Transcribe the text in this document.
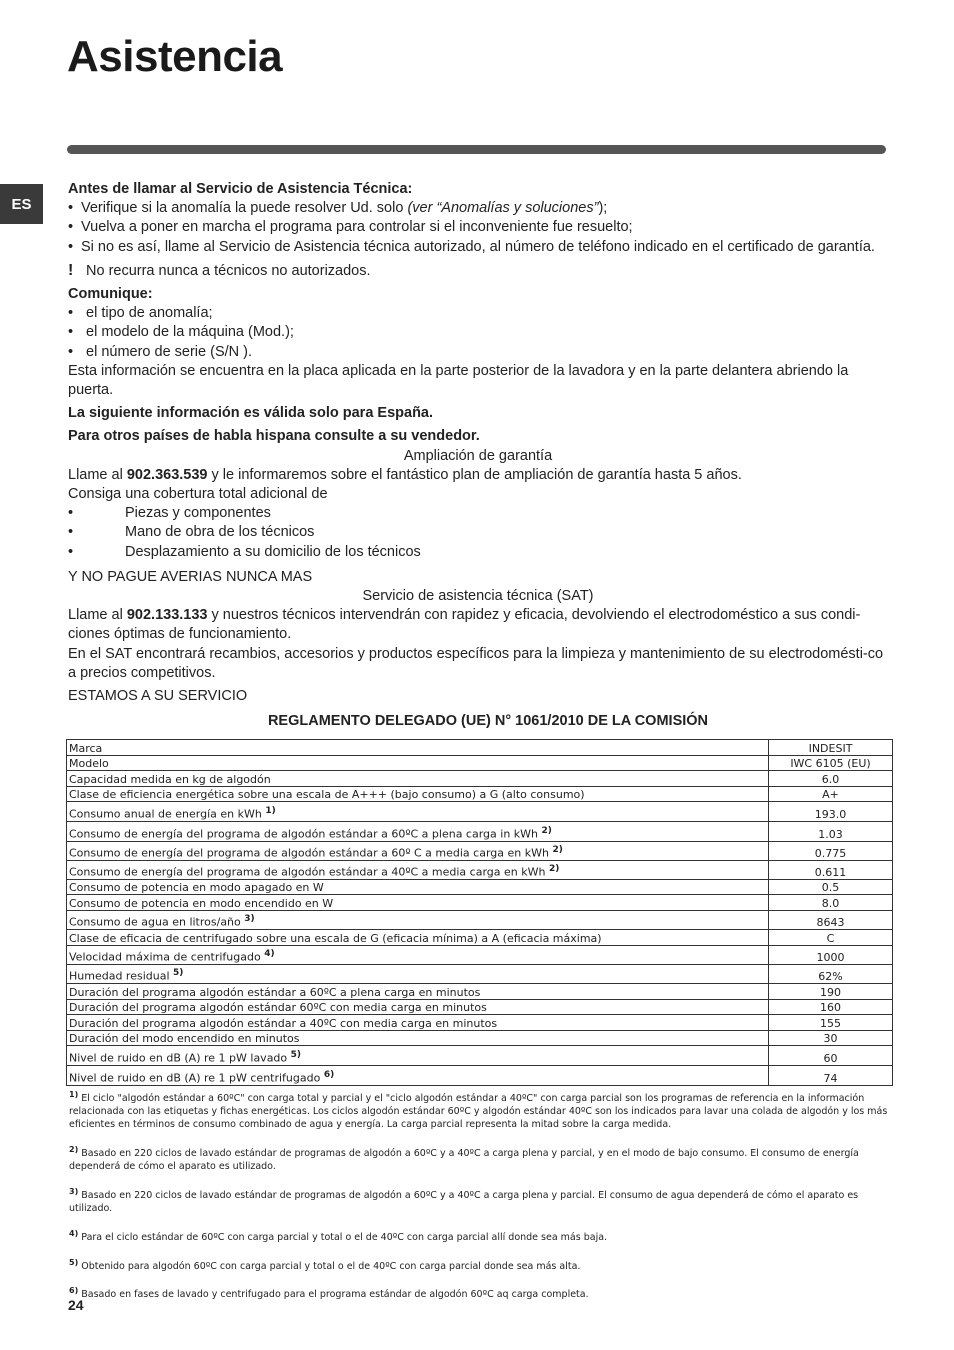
Asistencia
ES

Antes de llamar al Servicio de Asistencia Técnica:

• Verifique si la anomalía la puede resolver Ud. solo (ver “Anomalías y soluciones”);
• Vuelva a poner en marcha el programa para controlar si el inconveniente fue resuelto;
• Si no es así, llame al Servicio de Asistencia técnica autorizado, al número de teléfono indicado en el certificado de garantía.

! No recurra nunca a técnicos no autorizados.

Comunique:

• el tipo de anomalía;
• el modelo de la máquina (Mod.);
• el número de serie (S/N ).

Esta información se encuentra en la placa aplicada en la parte posterior de la lavadora y en la parte delantera abriendo la puerta.

La siguiente información es válida solo para España.

Para otros países de habla hispana consulte a su vendedor.

Ampliación de garantía

Llame al 902.363.539 y le informaremos sobre el fantástico plan de ampliación de garantía hasta 5 años.

Consiga una cobertura total adicional de

• Piezas y componentes
• Mano de obra de los técnicos
• Desplazamiento a su domicilio de los técnicos

Y NO PAGUE AVERIAS NUNCA MAS

Servicio de asistencia técnica (SAT)

Llame al 902.133.133 y nuestros técnicos intervendrán con rapidez y eficacia, devolviendo el electrodoméstico a sus condi-ciones óptimas de funcionamiento.

En el SAT encontrará recambios, accesorios y productos específicos para la limpieza y mantenimiento de su electrodomésti-co a precios competitivos.

ESTAMOS A SU SERVICIO

REGLAMENTO DELEGADO (UE) N° 1061/2010 DE LA COMISIÓN

Marca	INDESIT
Modelo	IWC 6105 (EU)
Capacidad medida en kg de algodón	6.0
Clase de eficiencia energética sobre una escala de A+++ (bajo consumo) a G (alto consumo)	A+
Consumo anual de energía en kWh $^{1)}$	193.0
Consumo de energía del programa de algodón estándar a 60ºC a plena carga in kWh $^{2)}$	1.03
Consumo de energía del programa de algodón estándar a 60º C a media carga en kWh $^{2)}$	0.775
Consumo de energía del programa de algodón estándar a 40ºC a media carga en kWh $^{2)}$	0.611
Consumo de potencia en modo apagado en W	0.5
Consumo de potencia en modo encendido en W	8.0
Consumo de agua en litros/año $^{3)}$	8643
Clase de eficacia de centrifugado sobre una escala de G (eficacia mínima) a A (eficacia máxima)	C
Velocidad máxima de centrifugado $^{4)}$	1000
Humedad residual $^{5)}$	62%
Duración del programa algodón estándar a 60ºC a plena carga en minutos	190
Duración del programa algodón estándar 60ºC con media carga en minutos	160
Duración del programa algodón estándar a 40ºC con media carga en minutos	155
Duración del modo encendido en minutos	30
Nivel de ruido en dB (A) re 1 pW lavado $^{5)}$	60
Nivel de ruido en dB (A) re 1 pW centrifugado $^{6)}$	74

$^{1)}$ El ciclo "algodón estándar a 60ºC" con carga total y parcial y el "ciclo algodón estándar a 40ºC" con carga parcial son los programas de referencia en la información relacionada con las etiquetas y fichas energéticas. Los ciclos algodón estándar 60ºC y algodón estándar 40ºC son los indicados para lavar una colada de algodón y los más eficientes en términos de consumo combinado de agua y energía. La carga parcial representa la mitad sobre la carga medida.

$^{2)}$ Basado en 220 ciclos de lavado estándar de programas de algodón a 60ºC y a 40ºC a carga plena y parcial, y en el modo de bajo consumo. El consumo de energía dependerá de cómo el aparato es utilizado.

$^{3)}$ Basado en 220 ciclos de lavado estándar de programas de algodón a 60ºC y a 40ºC a carga plena y parcial. El consumo de agua dependerá de cómo el aparato es utilizado.

$^{4)}$ Para el ciclo estándar de 60ºC con carga parcial y total o el de 40ºC con carga parcial allí donde sea más baja.

$^{5)}$ Obtenido para algodón 60ºC con carga parcial y total o el de 40ºC con carga parcial donde sea más alta.

$^{6)}$ Basado en fases de lavado y centrifugado para el programa estándar de algodón 60ºC aq carga completa.

24
